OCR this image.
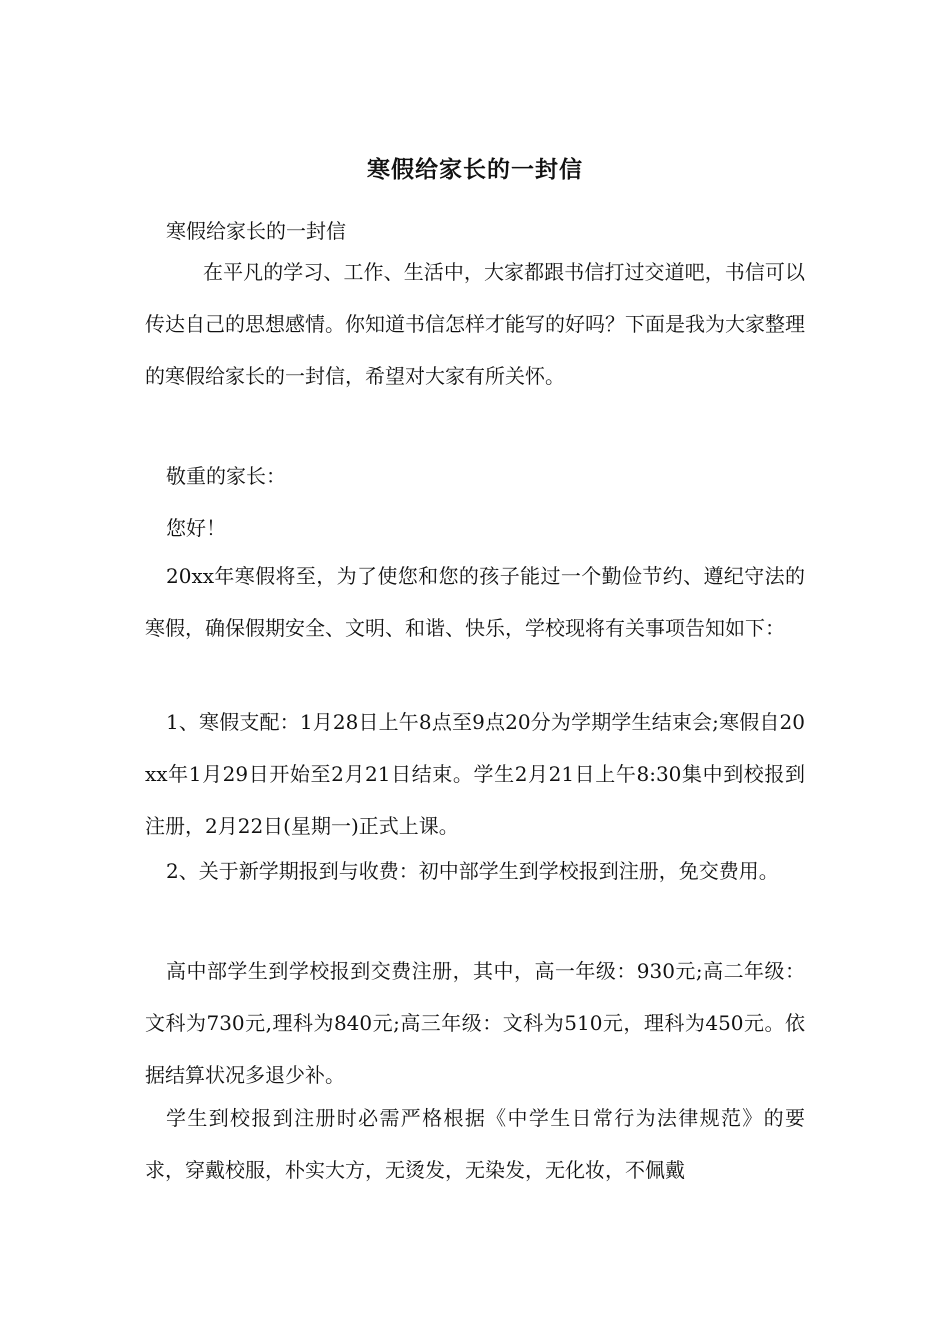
寒假给家长的一封信

寒假给家长的一封信

在平凡的学习、工作、生活中，大家都跟书信打过交道吧，书信可以传达自己的思想感情。你知道书信怎样才能写的好吗？下面是我为大家整理的寒假给家长的一封信，希望对大家有所关怀。

敬重的家长：

您好！

20xx年寒假将至，为了使您和您的孩子能过一个勤俭节约、遵纪守法的寒假，确保假期安全、文明、和谐、快乐，学校现将有关事项告知如下：

1、寒假支配：1月28日上午8点至9点20分为学期学生结束会;寒假自20xx年1月29日开始至2月21日结束。学生2月21日上午8:30集中到校报到注册，2月22日(星期一)正式上课。

2、关于新学期报到与收费：初中部学生到学校报到注册，免交费用。

高中部学生到学校报到交费注册，其中，高一年级：930元;高二年级：文科为730元,理科为840元;高三年级：文科为510元，理科为450元。依据结算状况多退少补。

学生到校报到注册时必需严格根据《中学生日常行为法律规范》的要求，穿戴校服，朴实大方，无烫发，无染发，无化妆，不佩戴
